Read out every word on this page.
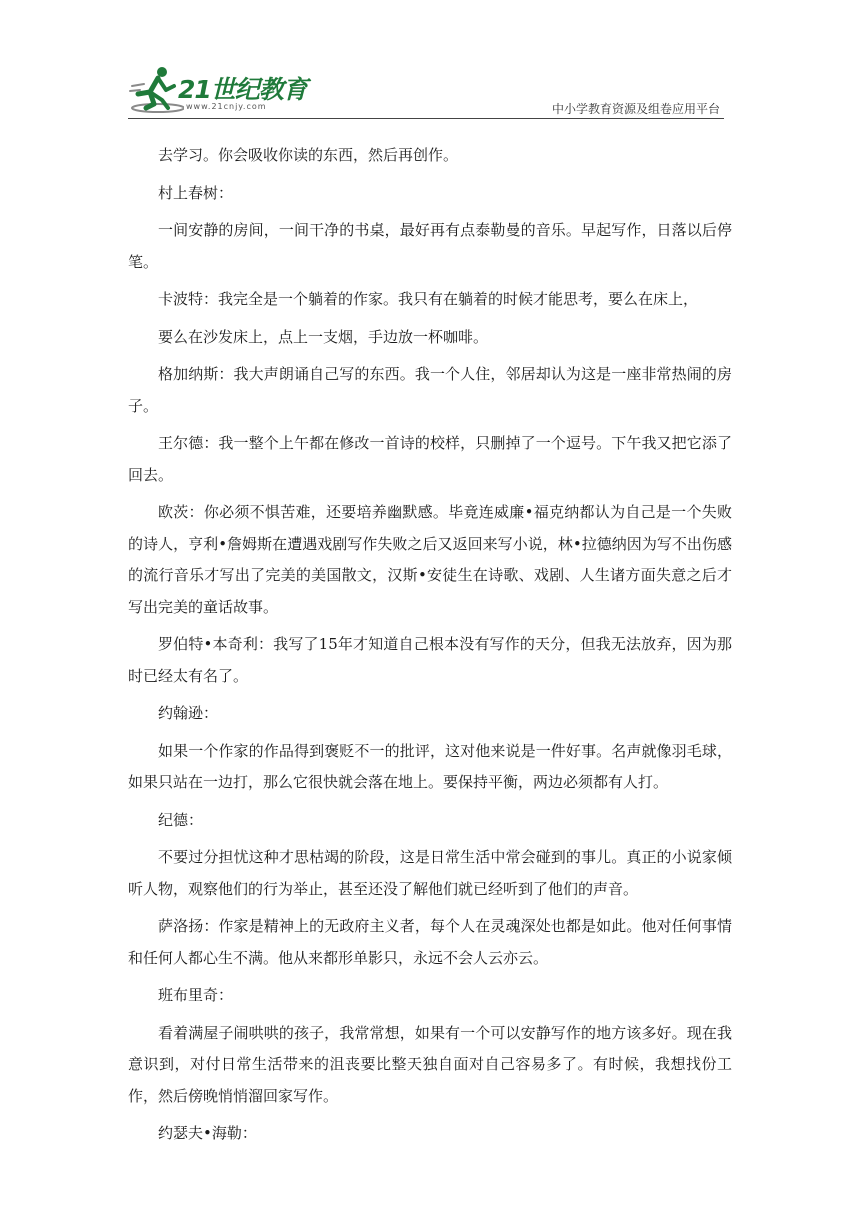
21世纪教育
www.21cnjy.com	中小学教育资源及组卷应用平台

去学习。你会吸收你读的东西，然后再创作。

村上春树：

一间安静的房间，一间干净的书桌，最好再有点泰勒曼的音乐。早起写作，日落以后停笔。

卡波特：我完全是一个躺着的作家。我只有在躺着的时候才能思考，要么在床上，

要么在沙发床上，点上一支烟，手边放一杯咖啡。

格加纳斯：我大声朗诵自己写的东西。我一个人住，邻居却认为这是一座非常热闹的房子。

王尔德：我一整个上午都在修改一首诗的校样，只删掉了一个逗号。下午我又把它添了回去。

欧茨：你必须不惧苦难，还要培养幽默感。毕竟连威廉•福克纳都认为自己是一个失败的诗人，亨利•詹姆斯在遭遇戏剧写作失败之后又返回来写小说，林•拉德纳因为写不出伤感的流行音乐才写出了完美的美国散文，汉斯•安徒生在诗歌、戏剧、人生诸方面失意之后才写出完美的童话故事。

罗伯特•本奇利：我写了15年才知道自己根本没有写作的天分，但我无法放弃，因为那时已经太有名了。

约翰逊：

如果一个作家的作品得到褒贬不一的批评，这对他来说是一件好事。名声就像羽毛球，如果只站在一边打，那么它很快就会落在地上。要保持平衡，两边必须都有人打。

纪德：

不要过分担忧这种才思枯竭的阶段，这是日常生活中常会碰到的事儿。真正的小说家倾听人物，观察他们的行为举止，甚至还没了解他们就已经听到了他们的声音。

萨洛扬：作家是精神上的无政府主义者，每个人在灵魂深处也都是如此。他对任何事情和任何人都心生不满。他从来都形单影只，永远不会人云亦云。

班布里奇：

看着满屋子闹哄哄的孩子，我常常想，如果有一个可以安静写作的地方该多好。现在我意识到，对付日常生活带来的沮丧要比整天独自面对自己容易多了。有时候，我想找份工作，然后傍晚悄悄溜回家写作。

约瑟夫•海勒：
